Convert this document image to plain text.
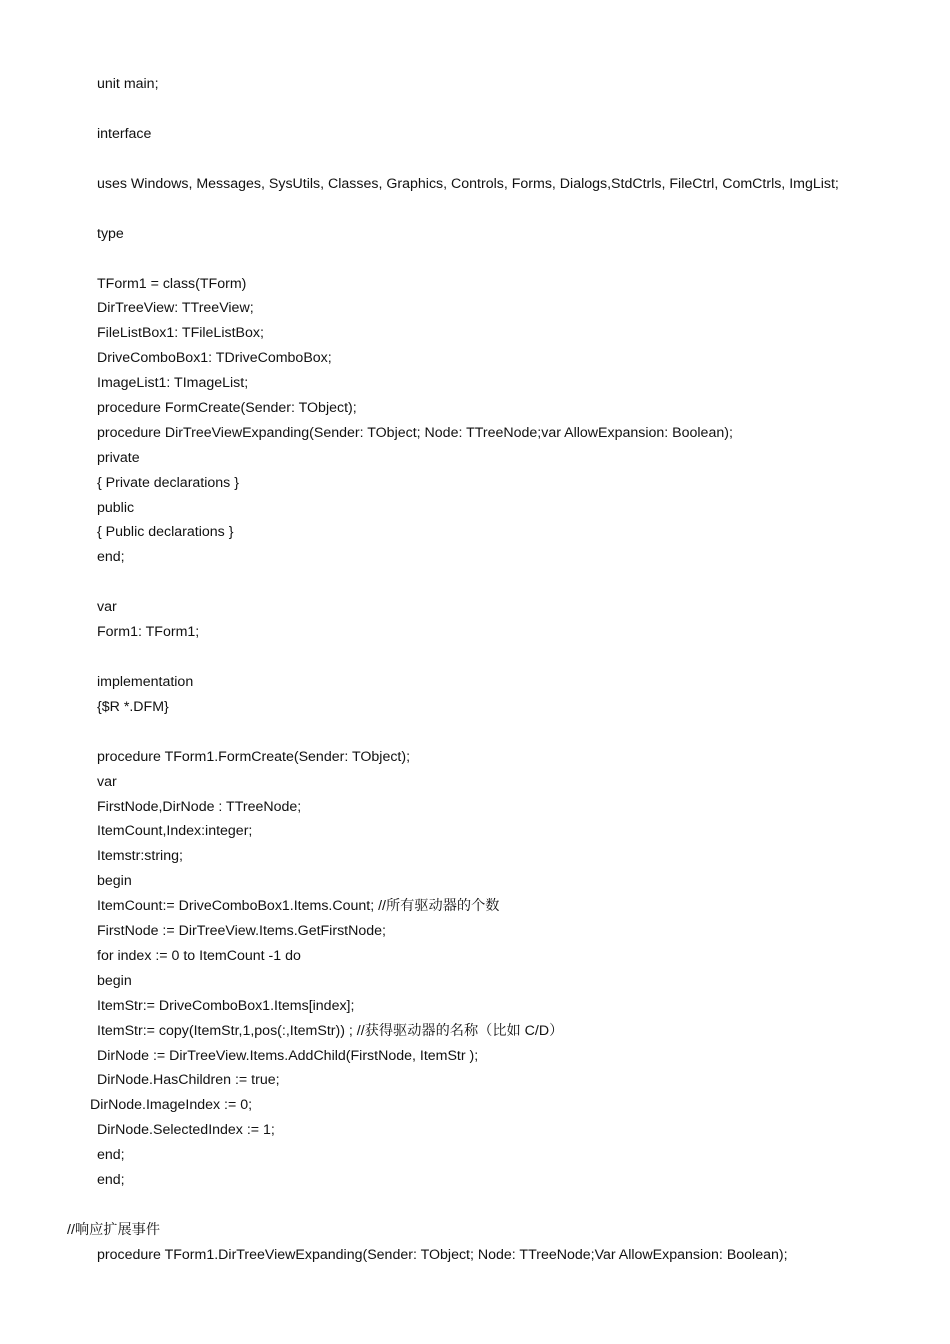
unit main;
interface
uses Windows, Messages, SysUtils, Classes, Graphics, Controls, Forms, Dialogs,StdCtrls, FileCtrl, ComCtrls, ImgList;
type
TForm1 = class(TForm)
DirTreeView: TTreeView;
FileListBox1: TFileListBox;
DriveComboBox1: TDriveComboBox;
ImageList1: TImageList;
procedure FormCreate(Sender: TObject);
procedure DirTreeViewExpanding(Sender: TObject; Node: TTreeNode;var AllowExpansion: Boolean);
private
{ Private declarations }
public
{ Public declarations }
end;
var
Form1: TForm1;
implementation
{$R *.DFM}
procedure TForm1.FormCreate(Sender: TObject);
var
FirstNode,DirNode : TTreeNode;
ItemCount,Index:integer;
Itemstr:string;
begin
ItemCount:= DriveComboBox1.Items.Count; //所有驱动器的个数
FirstNode := DirTreeView.Items.GetFirstNode;
for index := 0 to ItemCount -1 do
begin
ItemStr:= DriveComboBox1.Items[index];
ItemStr:= copy(ItemStr,1,pos(:,ItemStr)) ; //获得驱动器的名称（比如 C/D）
DirNode := DirTreeView.Items.AddChild(FirstNode, ItemStr );
DirNode.HasChildren := true;
DirNode.ImageIndex := 0;
DirNode.SelectedIndex := 1;
end;
end;
//响应扩展事件
procedure TForm1.DirTreeViewExpanding(Sender: TObject; Node: TTreeNode;Var AllowExpansion: Boolean);
